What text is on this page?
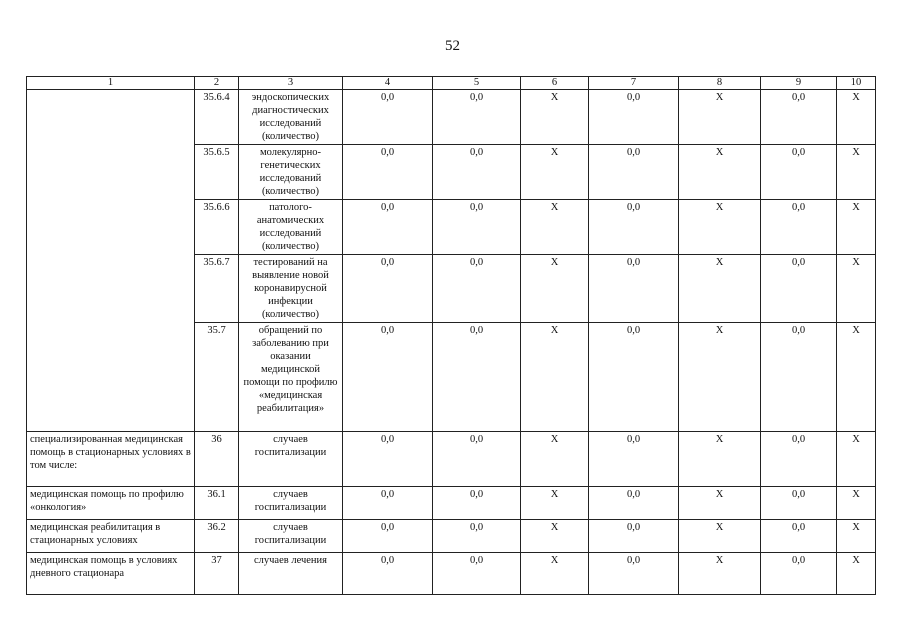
52
1	2	3	4	5	6	7	8	9	10
	35.6.4	эндоскопических диагностических исследований (количество)	0,0	0,0	X	0,0	X	0,0	X
	35.6.5	молекулярно-генетических исследований (количество)	0,0	0,0	X	0,0	X	0,0	X
	35.6.6	патолого-анатомических исследований (количество)	0,0	0,0	X	0,0	X	0,0	X
	35.6.7	тестирований на выявление новой коронавирусной инфекции (количество)	0,0	0,0	X	0,0	X	0,0	X
	35.7	обращений по заболеванию при оказании медицинской помощи по профилю «медицинская реабилитация»	0,0	0,0	X	0,0	X	0,0	X
специализированная медицинская помощь в стационарных условиях в том числе:	36	случаев госпитализации	0,0	0,0	X	0,0	X	0,0	X
медицинская помощь по профилю «онкология»	36.1	случаев госпитализации	0,0	0,0	X	0,0	X	0,0	X
медицинская реабилитация в стационарных условиях	36.2	случаев госпитализации	0,0	0,0	X	0,0	X	0,0	X
медицинская помощь в условиях дневного стационара	37	случаев лечения	0,0	0,0	X	0,0	X	0,0	X
